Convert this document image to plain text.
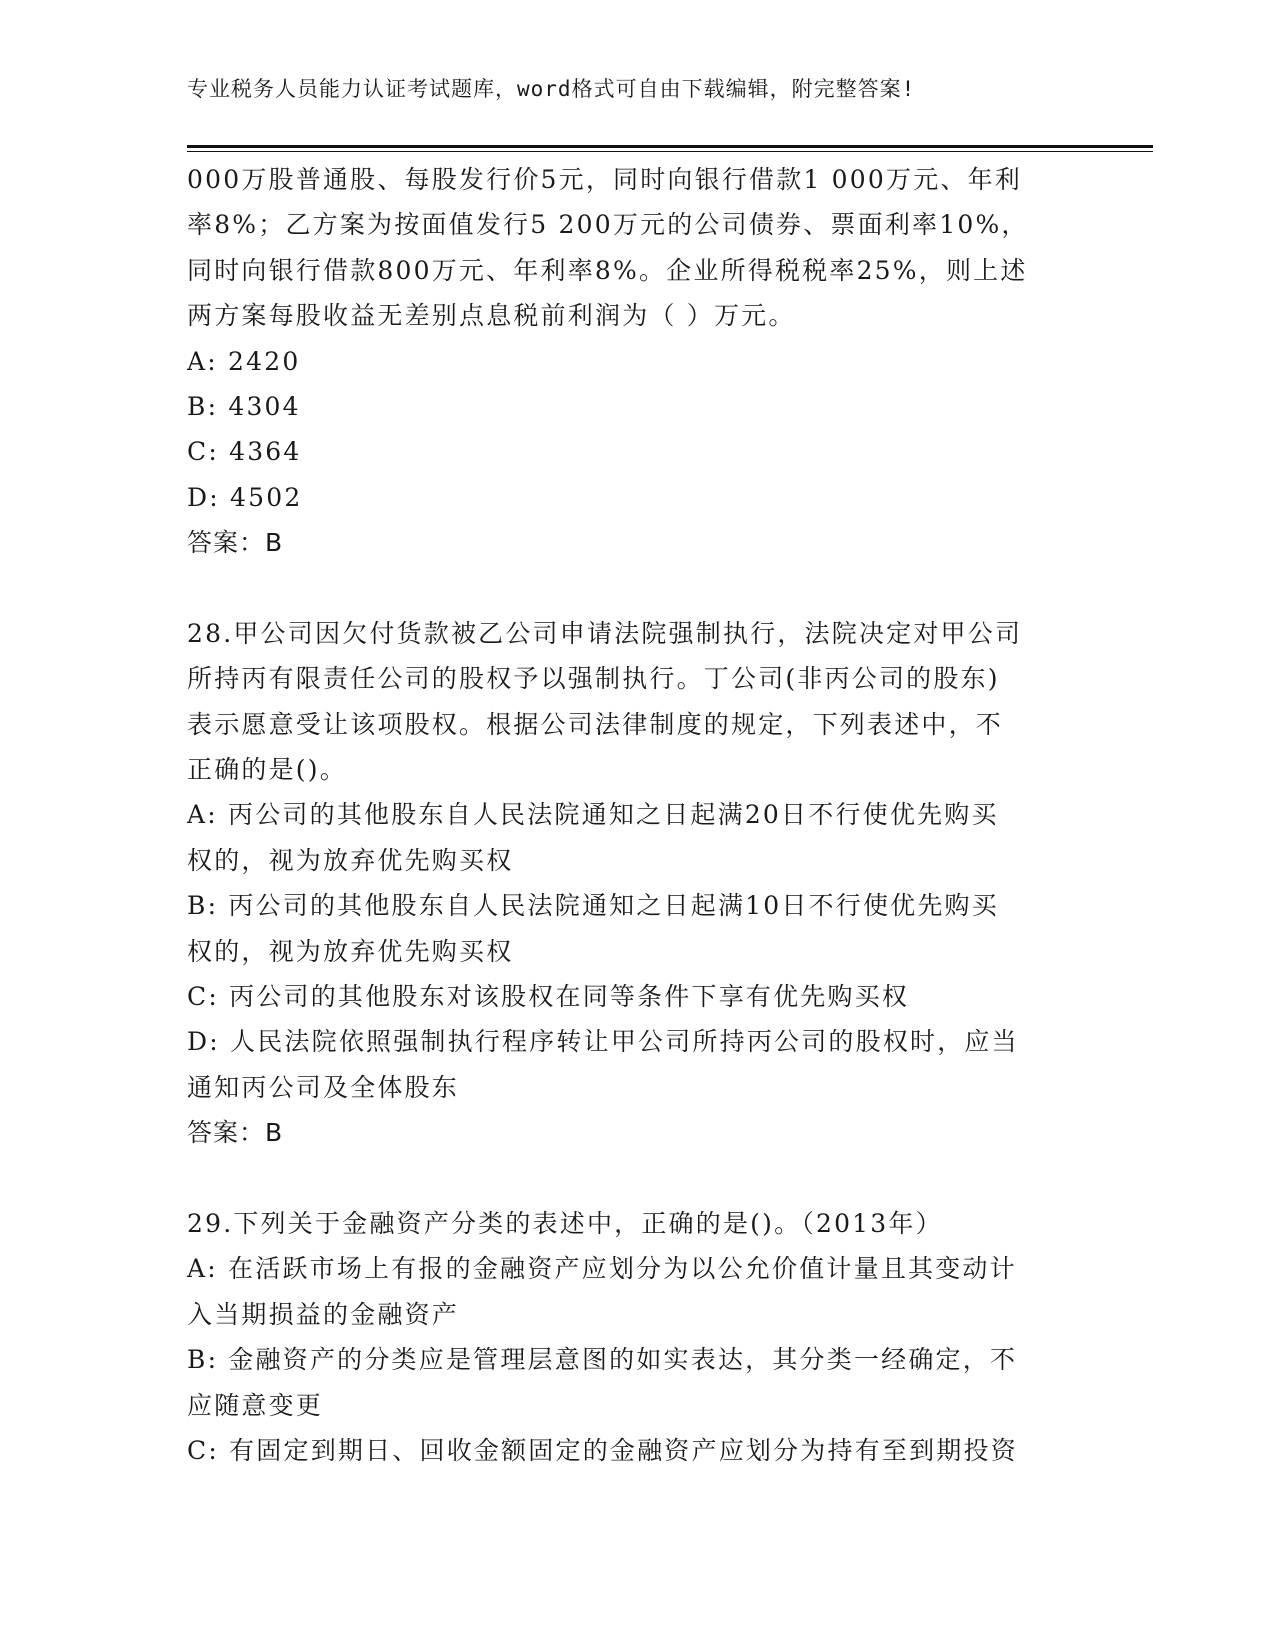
专业税务人员能力认证考试题库，word格式可自由下载编辑，附完整答案!
000万股普通股、每股发行价5元，同时向银行借款1 000万元、年利
率8%；乙方案为按面值发行5 200万元的公司债券、票面利率10%，
同时向银行借款800万元、年利率8%。企业所得税税率25%，则上述
两方案每股收益无差别点息税前利润为（ ）万元。
A: 2420
B: 4304
C: 4364
D: 4502
答案：B
28.甲公司因欠付货款被乙公司申请法院强制执行，法院决定对甲公司
所持丙有限责任公司的股权予以强制执行。丁公司(非丙公司的股东)
表示愿意受让该项股权。根据公司法律制度的规定，下列表述中，不
正确的是()。
A: 丙公司的其他股东自人民法院通知之日起满20日不行使优先购买
权的，视为放弃优先购买权
B: 丙公司的其他股东自人民法院通知之日起满10日不行使优先购买
权的，视为放弃优先购买权
C: 丙公司的其他股东对该股权在同等条件下享有优先购买权
D: 人民法院依照强制执行程序转让甲公司所持丙公司的股权时，应当
通知丙公司及全体股东
答案：B
29.下列关于金融资产分类的表述中，正确的是()。（2013年）
A: 在活跃市场上有报的金融资产应划分为以公允价值计量且其变动计
入当期损益的金融资产
B: 金融资产的分类应是管理层意图的如实表达，其分类一经确定，不
应随意变更
C: 有固定到期日、回收金额固定的金融资产应划分为持有至到期投资
